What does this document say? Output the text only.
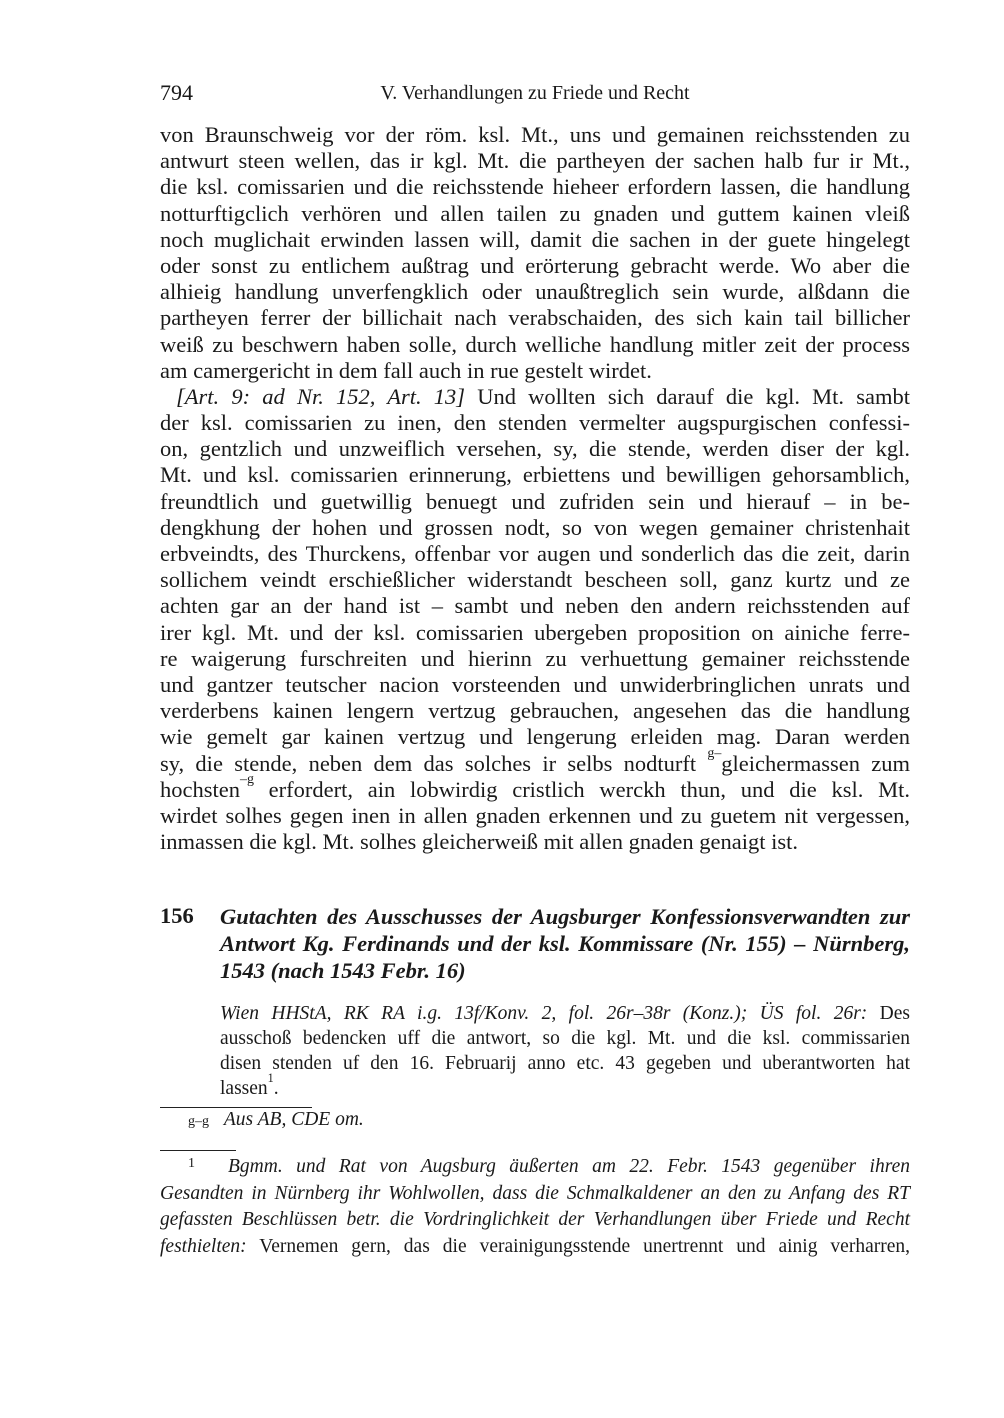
794	V. Verhandlungen zu Friede und Recht
von Braunschweig vor der röm. ksl. Mt., uns und gemainen reichsstenden zu
antwurt steen wellen, das ir kgl. Mt. die partheyen der sachen halb fur ir Mt.,
die ksl. comissarien und die reichsstende hieheer erfordern lassen, die handlung
notturftigclich verhören und allen tailen zu gnaden und guttem kainen vleiß
noch muglichait erwinden lassen will, damit die sachen in der guete hingelegt
oder sonst zu entlichem außtrag und erörterung gebracht werde. Wo aber die
alhieig handlung unverfengklich oder unaußtreglich sein wurde, alßdann die
partheyen ferrer der billichait nach verabschaiden, des sich kain tail billicher
weiß zu beschwern haben solle, durch welliche handlung mitler zeit der process
am camergericht in dem fall auch in rue gestelt wirdet.
[Art. 9: ad Nr. 152, Art. 13] Und wollten sich darauf die kgl. Mt. sambt
der ksl. comissarien zu inen, den stenden vermelter augspurgischen confessi-
on, gentzlich und unzweiflich versehen, sy, die stende, werden diser der kgl.
Mt. und ksl. comissarien erinnerung, erbiettens und bewilligen gehorsamblich,
freundtlich und guetwillig benuegt und zufriden sein und hierauf – in be-
dengkhung der hohen und grossen nodt, so von wegen gemainer christenhait
erbveindts, des Thurckens, offenbar vor augen und sonderlich das die zeit, darin
sollichem veindt erschießlicher widerstandt bescheen soll, ganz kurtz und ze
achten gar an der hand ist – sambt und neben den andern reichsstenden auf
irer kgl. Mt. und der ksl. comissarien ubergeben proposition on ainiche ferre-
re waigerung furschreiten und hierinn zu verhuettung gemainer reichsstende
und gantzer teutscher nacion vorsteenden und unwiderbringlichen unrats und
verderbens kainen lengern vertzug gebrauchen, angesehen das die handlung
wie gemelt gar kainen vertzug und lengerung erleiden mag. Daran werden
sy, die stende, neben dem das solches ir selbs nodturft $^{g-}$gleichermassen zum
hochsten$^{-g}$ erfordert, ain lobwirdig cristlich werckh thun, und die ksl. Mt.
wirdet solhes gegen inen in allen gnaden erkennen und zu guetem nit vergessen,
inmassen die kgl. Mt. solhes gleicherweiß mit allen gnaden genaigt ist.
156 Gutachten des Ausschusses der Augsburger Konfessionsverwandten zur
Antwort Kg. Ferdinands und der ksl. Kommissare (Nr. 155) – Nürnberg,
1543 (nach 1543 Febr. 16)
Wien HHStA, RK RA i.g. 13f/Konv. 2, fol. 26r–38r (Konz.); ÜS fol. 26r: Des
ausschoß bedencken uff die antwort, so die kgl. Mt. und die ksl. commissarien
disen stenden uf den 16. Februarij anno etc. 43 gegeben und uberantworten hat
lassen$^1$.
g–g Aus AB, CDE om.
1	Bgmm. und Rat von Augsburg äußerten am 22. Febr. 1543 gegenüber ihren
Gesandten in Nürnberg ihr Wohlwollen, dass die Schmalkaldener an den zu Anfang des RT
gefassten Beschlüssen betr. die Vordringlichkeit der Verhandlungen über Friede und Recht
festhielten: Vernemen gern, das die verainigungsstende unertrennt und ainig verharren,
